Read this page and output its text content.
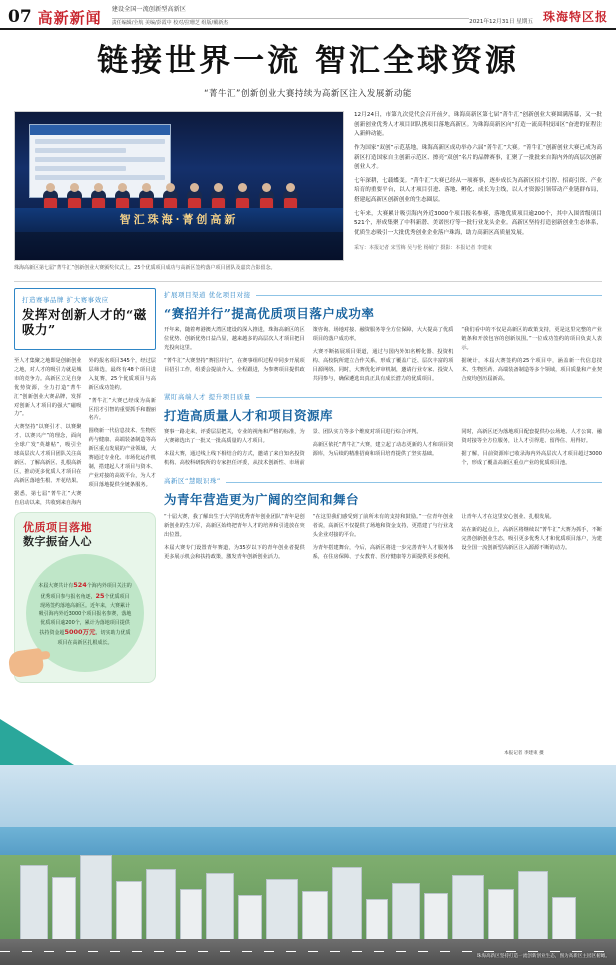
07 高新新闻 建设全国一流创新型高新区
责任编辑/全航 美编/彭霞中 校对/拉珊芝 组版/戴新杰	2021年12月31日 星期五 珠海特区报
链接世界一流 智汇全球资源
“菁牛汇”创新创业大赛持续为高新区注入发展新动能
智汇珠海·菁创高新
珠海高新区第七届“菁牛汇”创新创业大赛颁奖仪式上，25个优质项目成功与高新区签约落户项目团队及嘉宾合影留念。

12月24日，市第九次党代会召开前夕，珠海高新区第七届“菁牛汇”创新创业大赛圆满落幕，又一批创新创业优秀人才项目团队携项目落地高新区。为珠海高新区向“打造一流高科技园区”奋进的征程注入新鲜动能。

作为国家“双创”示范基地，珠海高新区成功举办六届“菁牛汇”大赛。“菁牛汇”创新创业大赛已成为高新区打造国家自主创新示范区、擦亮“双创”名片的品牌赛事，汇聚了一批批来自海内外的高层次创新创业人才。

七年深耕，七载蝶变。“菁牛汇”大赛已经从一项赛事，逐步成长为高新区招才引智、招商引资、产业培育的重要平台，以人才项目引进、落地、孵化、成长为主线，以人才资源引领带动产业链群布局，搭建起高新区创新创业的生态圈层。

七年来，大赛累计吸引海内外近3000个项目报名参赛，落地优质项目逾200个，其中入围省级项目521个，形成集聚了中科新潜、美诺医疗等一批行业龙头企业。高新区坚持打造创新创业生态体系，优质生态吸引一大批优秀创业企业落户珠海，助力高新区高质量发展。

采写：本报记者 宋雪梅 吴与伦 杨埔宁 摄影：本报记者 李建束
打造赛事品牌 扩大赛事效应
发挥对创新人才的“磁吸力”

至人才集聚之地即是创新创业之地，对人才的吸引力就是城市的竞争力。高新区立足自身优势资源，全力打造“菁牛汇”创新创业大赛品牌，发挥对创新人才项目的强大“磁吸力”。

大赛坚持“以赛引才、以赛聚才、以赛兴产”的理念，面向全球广发“英雄帖”，吸引全球高层次人才项目团队关注高新区、了解高新区、扎根高新区，推动更多优质人才项目在高新区落地生根、开花结果。

据悉，第七届“菁牛汇”大赛自启动以来，共收到来自海内外的报名项目345个，经过层层筛选，最终有48个项目进入复赛，25个优质项目与高新区成功签约。

“菁牛汇”大赛已经成为高新区招才引智的重要抓手和靓丽名片。

围绕新一代信息技术、生物医药与健康、高端装备制造等高新区重点发展的产业领域，大赛通过专业化、市场化运作机制，搭建起人才项目与资本、产业对接的高效平台，为人才项目落地提供全链条服务。

优质项目落地
数字振奋人心

本届大赛共计有524个海内外项目关注的优秀项目参与报名角逐，25个优质项目现场签约落地高新区。近年来，大赛累计吸引海内外近3000个项目报名参赛，落地优质项目逾200个，累计为落地项目提供扶持资金超5000万元，切实助力优质项目在高新区扎根成长。

扩展项目渠道 优化项目对接
“赛招并行”提高优质项目落户成功率

开年来，随着粤港澳大湾区建设的深入推进，珠海高新区的区位优势、创新优势日益凸显，越来越多的高层次人才项目把目光投向这里。

“菁牛汇”大赛坚持“赛招并行”，在赛事组织过程中同步开展项目招引工作，组委会提前介入、全程跟进，为参赛项目提供政策咨询、场地对接、融资服务等全方位保障，大大提高了优质项目的落户成功率。

大赛不断拓展项目渠道，通过与国内外知名孵化器、投资机构、高校院所建立合作关系，形成了覆盖广泛、层次丰富的项目源网络。同时，大赛优化评审机制，邀请行业专家、投资人共同参与，确保遴选出真正具有成长潜力的优质项目。

“我们看中的不仅是高新区的政策支持，更是这里完整的产业链条和开放包容的创新氛围。”一位成功签约的项目负责人表示。

据统计，本届大赛签约的25个项目中，涵盖新一代信息技术、生物医药、高端装备制造等多个领域，项目质量和产业契合度均创历届新高。

紧盯高端人才 提升项目质量
打造高质量人才和项目资源库

赛事一路走来，评委层层把关，专业的视角和严格的标准，为大赛筛选出了一批又一批高质量的人才项目。

本届大赛，通过线上线下相结合的方式，邀请了来自知名投资机构、高校科研院所的专家担任评委，从技术创新性、市场前景、团队实力等多个维度对项目进行综合评判。

高新区依托“菁牛汇”大赛，建立起了动态更新的人才和项目资源库，为后续的精准招商和项目培育提供了坚实基础。

同时，高新区还为落地项目配套提供办公场地、人才公寓、融资对接等全方位服务，让人才引得进、留得住、用得好。

据了解，目前资源库已收录海内外高层次人才项目超过3000个，形成了覆盖高新区重点产业的优质项目池。

高新区“慧眼识珠”
为青年营造更为广阔的空间和舞台

“十届大赛，我了解出生于大学的优秀青年创业团队”青年是创新创业的生力军，高新区始终把青年人才的培养和引进放在突出位置。

本届大赛专门设置青年赛道，为35岁以下的青年创业者提供更多展示机会和扶持政策，激发青年创新创业活力。

“在这里我们感受到了前所未有的支持和鼓励。”一位青年创业者说，高新区不仅提供了场地和资金支持，更搭建了与行业龙头企业对接的平台。

为青年搭建舞台，今后，高新区将进一步完善青年人才服务体系，在住房保障、子女教育、医疗健康等方面提供更多便利，让青年人才在这里安心创业、扎根发展。

站在新的起点上，高新区将继续以“菁牛汇”大赛为抓手，不断完善创新创业生态，吸引更多优秀人才和优质项目落户，为建设全国一流创新型高新区注入源源不断的动力。

本报记者 李建束 摄
珠海高新区坚持打造一流创新创业生态，图为高新区主园区俯瞰。
